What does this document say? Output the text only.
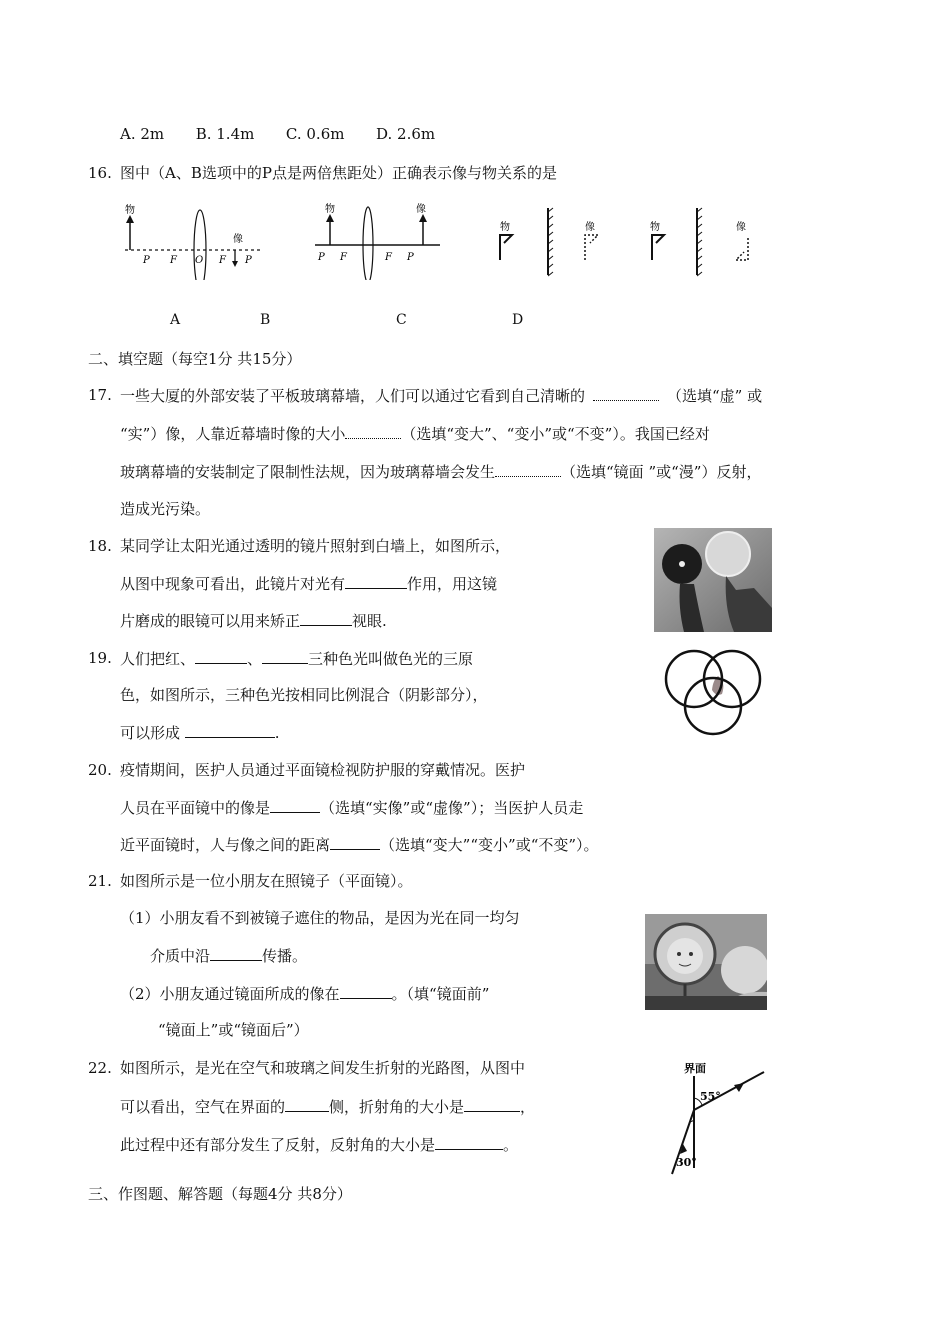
A. 2m B. 1.4m C. 0.6m D. 2.6m
16. 图中（A、B选项中的P点是两倍焦距处）正确表示像与物关系的是
物
像
P F O F P
物	像
P F	F P
物	像	物	像
A	B	C	D
二、填空题（每空1分 共15分）
17. 一些大厦的外部安装了平板玻璃幕墙，人们可以通过它看到自己清晰的	（选填“虚” 或
“实”）像，人靠近幕墙时像的大小	（选填“变大”、“变小”或“不变”）。我国已经对
玻璃幕墙的安装制定了限制性法规，因为玻璃幕墙会发生	（选填“镜面 ”或“漫”）反射，
造成光污染。
18. 某同学让太阳光通过透明的镜片照射到白墙上，如图所示，
从图中现象可看出，此镜片对光有	作用，用这镜
片磨成的眼镜可以用来矫正	视眼.
19. 人们把红、	、	三种色光叫做色光的三原
色，如图所示，三种色光按相同比例混合（阴影部分），
可以形成	.
20. 疫情期间，医护人员通过平面镜检视防护服的穿戴情况。医护
人员在平面镜中的像是	（选填“实像”或“虚像”）；当医护人员走
近平面镜时，人与像之间的距离	（选填“变大”“变小”或“不变”）。
21. 如图所示是一位小朋友在照镜子（平面镜）。
（1）小朋友看不到被镜子遮住的物品，是因为光在同一均匀
介质中沿	传播。
（2）小朋友通过镜面所成的像在	。（填“镜面前”
“镜面上”或“镜面后”）
22. 如图所示，是光在空气和玻璃之间发生折射的光路图，从图中
可以看出，空气在界面的	侧，折射角的大小是	，
此过程中还有部分发生了反射，反射角的大小是	。
界面
55°
30°
三、作图题、解答题（每题4分 共8分）
